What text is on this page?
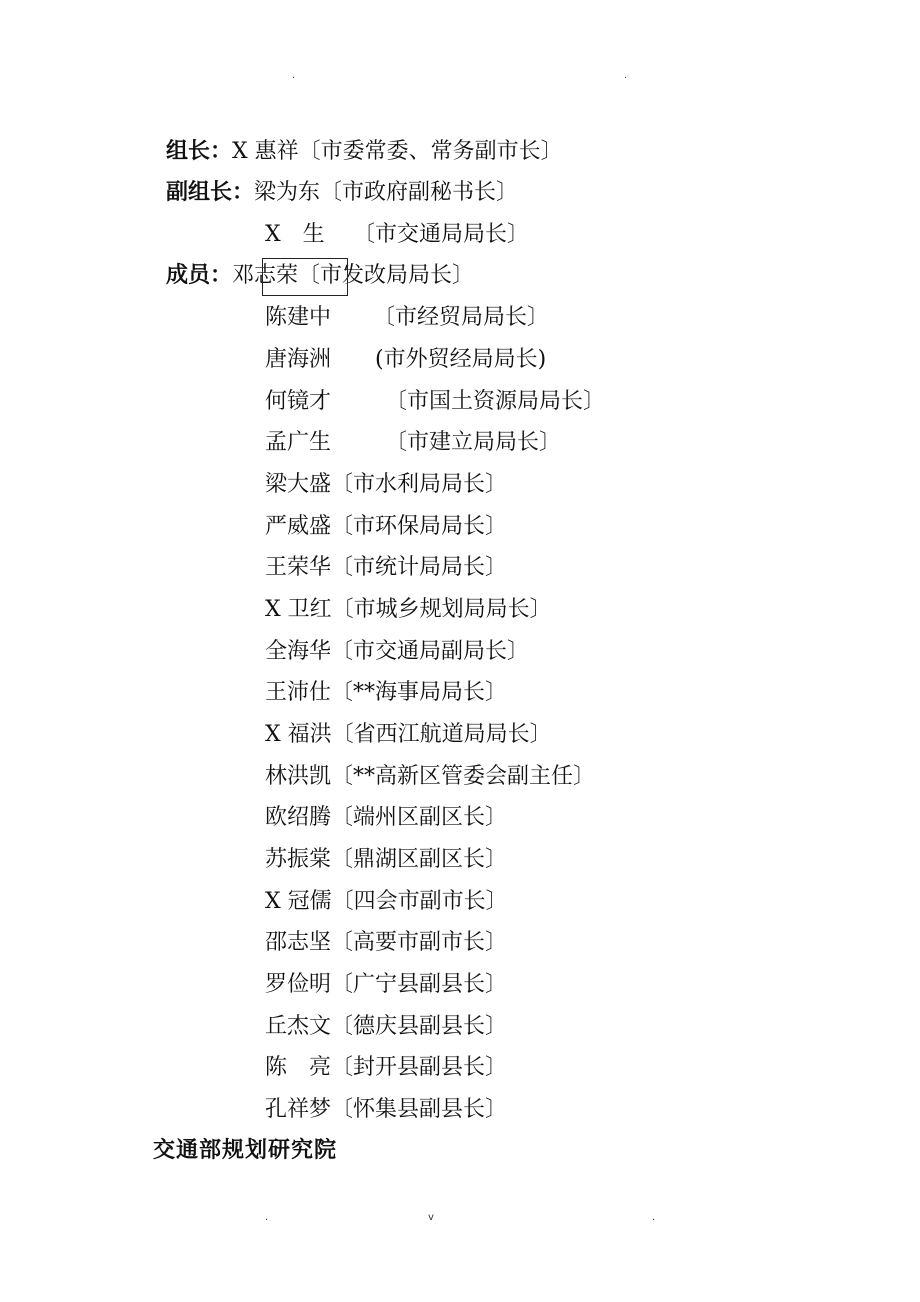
.	.
组长：X 惠祥〔市委常委、常务副市长〕
副组长：梁为东〔市政府副秘书长〕
X　生 〔市交通局局长〕
成员：邓志荣〔市发改局局长〕
陈建中 〔市经贸局局长〕
唐海洲 (市外贸经局局长)
何镜才 〔市国土资源局局长〕
孟广生 〔市建立局局长〕
梁大盛〔市水利局局长〕
严威盛〔市环保局局长〕
王荣华〔市统计局局长〕
X 卫红〔市城乡规划局局长〕
全海华〔市交通局副局长〕
王沛仕〔**海事局局长〕
X 福洪〔省西江航道局局长〕
林洪凯〔**高新区管委会副主任〕
欧绍腾〔端州区副区长〕
苏振棠〔鼎湖区副区长〕
X 冠儒〔四会市副市长〕
邵志坚〔高要市副市长〕
罗俭明〔广宁县副县长〕
丘杰文〔德庆县副县长〕
陈　亮〔封开县副县长〕
孔祥梦〔怀集县副县长〕
交通部规划研究院
.	v	.
